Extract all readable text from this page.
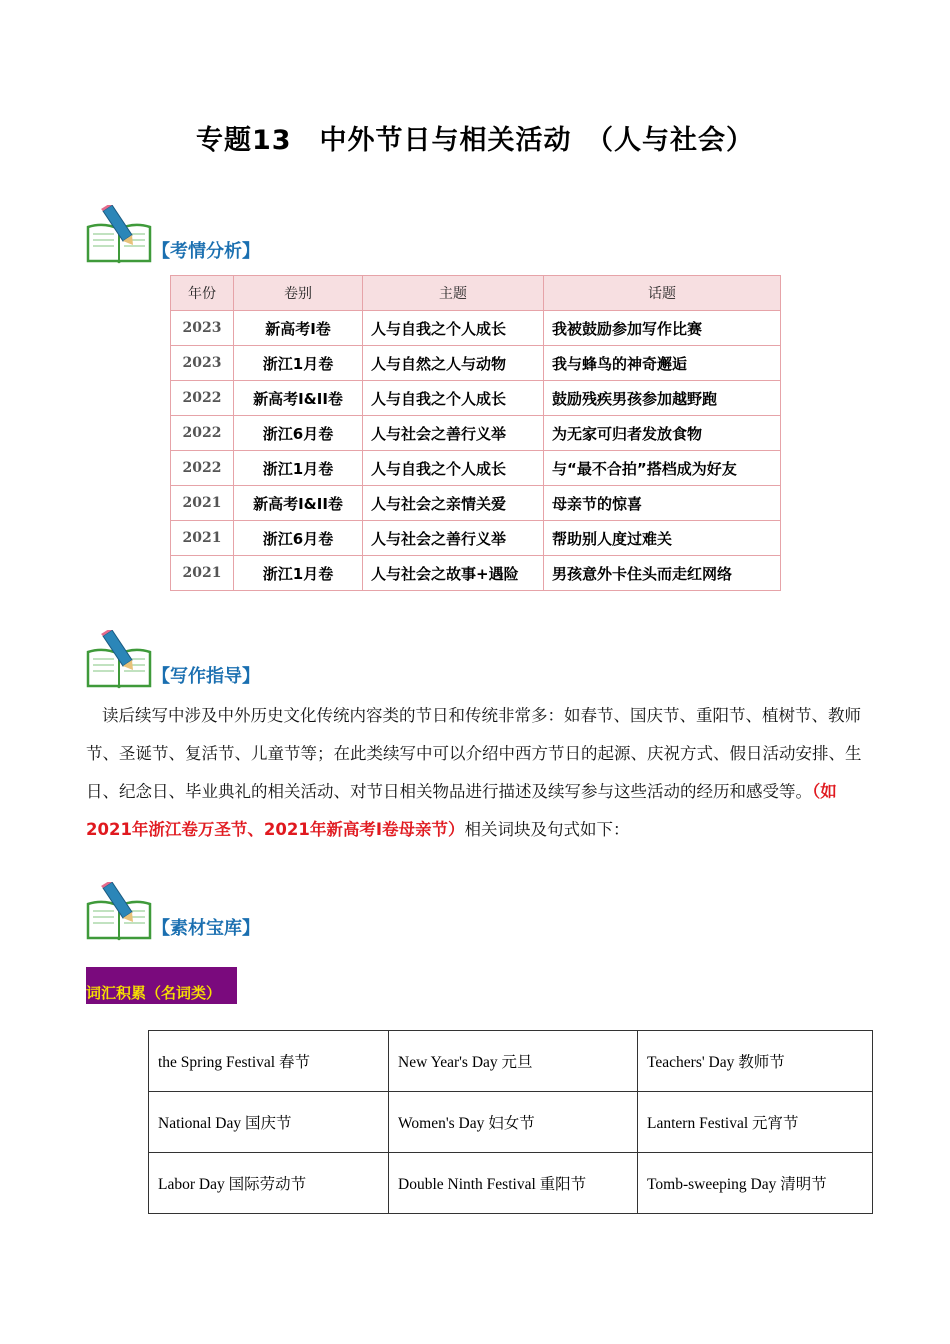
专题13　中外节日与相关活动　（人与社会）
【考情分析】
年份	卷别	主题	话题
2023	新高考I卷	人与自我之个人成长	我被鼓励参加写作比赛
2023	浙江1月卷	人与自然之人与动物	我与蜂鸟的神奇邂逅
2022	新高考I&II卷	人与自我之个人成长	鼓励残疾男孩参加越野跑
2022	浙江6月卷	人与社会之善行义举	为无家可归者发放食物
2022	浙江1月卷	人与自我之个人成长	与“最不合拍”搭档成为好友
2021	新高考I&II卷	人与社会之亲情关爱	母亲节的惊喜
2021	浙江6月卷	人与社会之善行义举	帮助别人度过难关
2021	浙江1月卷	人与社会之故事+遇险	男孩意外卡住头而走红网络
【写作指导】
读后续写中涉及中外历史文化传统内容类的节日和传统非常多：如春节、国庆节、重阳节、植树节、教师节、圣诞节、复活节、儿童节等；在此类续写中可以介绍中西方节日的起源、庆祝方式、假日活动安排、生日、纪念日、毕业典礼的相关活动、对节日相关物品进行描述及续写参与这些活动的经历和感受等。（如2021年浙江卷万圣节、2021年新高考I卷母亲节）相关词块及句式如下：
【素材宝库】
词汇积累（名词类）
the Spring Festival 春节	New Year's Day 元旦	Teachers' Day 教师节
National Day 国庆节	Women's Day 妇女节	Lantern Festival 元宵节
Labor Day 国际劳动节	Double Ninth Festival 重阳节	Tomb-sweeping Day 清明节
